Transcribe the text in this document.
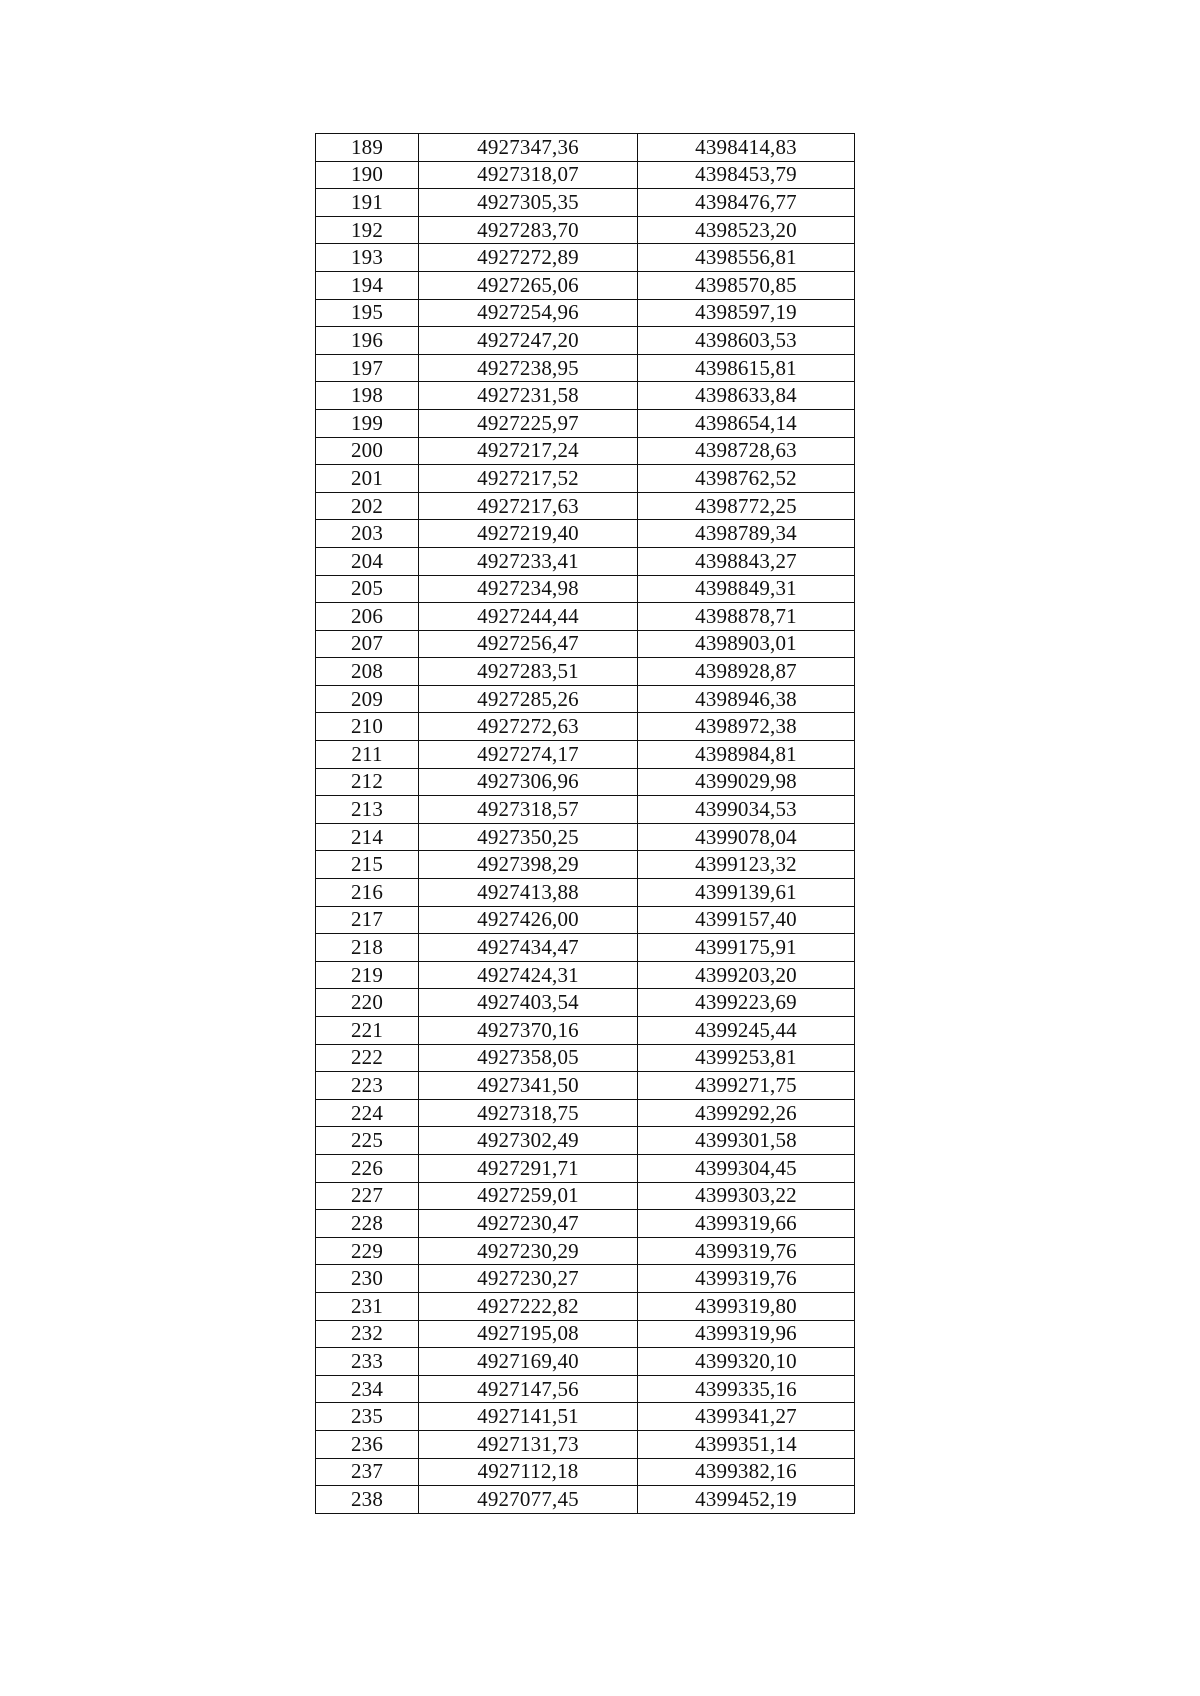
189	4927347,36	4398414,83
190	4927318,07	4398453,79
191	4927305,35	4398476,77
192	4927283,70	4398523,20
193	4927272,89	4398556,81
194	4927265,06	4398570,85
195	4927254,96	4398597,19
196	4927247,20	4398603,53
197	4927238,95	4398615,81
198	4927231,58	4398633,84
199	4927225,97	4398654,14
200	4927217,24	4398728,63
201	4927217,52	4398762,52
202	4927217,63	4398772,25
203	4927219,40	4398789,34
204	4927233,41	4398843,27
205	4927234,98	4398849,31
206	4927244,44	4398878,71
207	4927256,47	4398903,01
208	4927283,51	4398928,87
209	4927285,26	4398946,38
210	4927272,63	4398972,38
211	4927274,17	4398984,81
212	4927306,96	4399029,98
213	4927318,57	4399034,53
214	4927350,25	4399078,04
215	4927398,29	4399123,32
216	4927413,88	4399139,61
217	4927426,00	4399157,40
218	4927434,47	4399175,91
219	4927424,31	4399203,20
220	4927403,54	4399223,69
221	4927370,16	4399245,44
222	4927358,05	4399253,81
223	4927341,50	4399271,75
224	4927318,75	4399292,26
225	4927302,49	4399301,58
226	4927291,71	4399304,45
227	4927259,01	4399303,22
228	4927230,47	4399319,66
229	4927230,29	4399319,76
230	4927230,27	4399319,76
231	4927222,82	4399319,80
232	4927195,08	4399319,96
233	4927169,40	4399320,10
234	4927147,56	4399335,16
235	4927141,51	4399341,27
236	4927131,73	4399351,14
237	4927112,18	4399382,16
238	4927077,45	4399452,19
